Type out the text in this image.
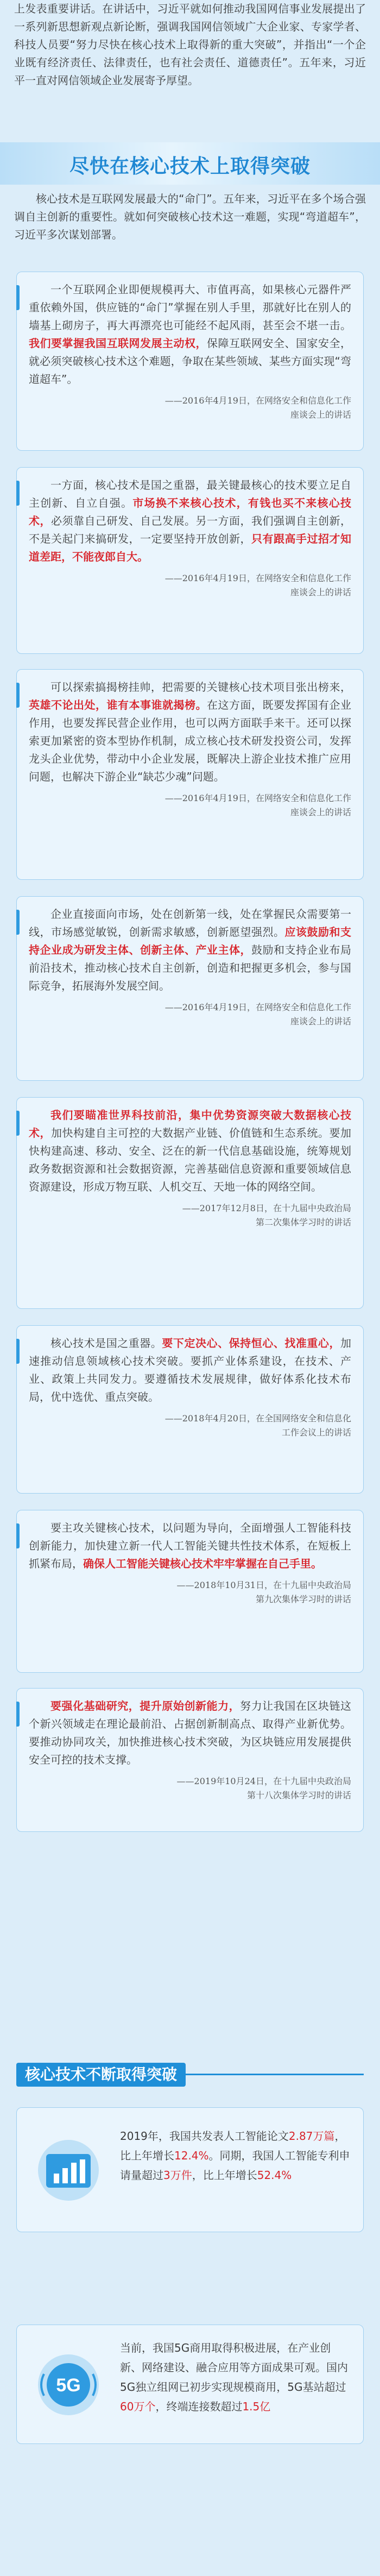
上发表重要讲话。在讲话中，习近平就如何推动我国网信事业发展提出了一系列新思想新观点新论断，强调我国网信领域广大企业家、专家学者、科技人员要“努力尽快在核心技术上取得新的重大突破”，并指出“一个企业既有经济责任、法律责任，也有社会责任、道德责任”。五年来，习近平一直对网信领域企业发展寄予厚望。

尽快在核心技术上取得突破

核心技术是互联网发展最大的“命门”。五年来，习近平在多个场合强调自主创新的重要性。就如何突破核心技术这一难题，实现“弯道超车”，习近平多次谋划部署。

一个互联网企业即便规模再大、市值再高，如果核心元器件严重依赖外国，供应链的“命门”掌握在别人手里，那就好比在别人的墙基上砌房子，再大再漂亮也可能经不起风雨，甚至会不堪一击。我们要掌握我国互联网发展主动权，保障互联网安全、国家安全，就必须突破核心技术这个难题，争取在某些领域、某些方面实现“弯道超车”。

——2016年4月19日，在网络安全和信息化工作
座谈会上的讲话

一方面，核心技术是国之重器，最关键最核心的技术要立足自主创新、自立自强。市场换不来核心技术，有钱也买不来核心技术，必须靠自己研发、自己发展。另一方面，我们强调自主创新，不是关起门来搞研发，一定要坚持开放创新，只有跟高手过招才知道差距，不能夜郎自大。

——2016年4月19日，在网络安全和信息化工作
座谈会上的讲话

可以探索搞揭榜挂帅，把需要的关键核心技术项目张出榜来，英雄不论出处，谁有本事谁就揭榜。在这方面，既要发挥国有企业作用，也要发挥民营企业作用，也可以两方面联手来干。还可以探索更加紧密的资本型协作机制，成立核心技术研发投资公司，发挥龙头企业优势，带动中小企业发展，既解决上游企业技术推广应用问题，也解决下游企业“缺芯少魂”问题。

——2016年4月19日，在网络安全和信息化工作
座谈会上的讲话

企业直接面向市场，处在创新第一线，处在掌握民众需要第一线，市场感觉敏锐，创新需求敏感，创新愿望强烈。应该鼓励和支持企业成为研发主体、创新主体、产业主体，鼓励和支持企业布局前沿技术，推动核心技术自主创新，创造和把握更多机会，参与国际竞争，拓展海外发展空间。

——2016年4月19日，在网络安全和信息化工作
座谈会上的讲话

我们要瞄准世界科技前沿，集中优势资源突破大数据核心技术，加快构建自主可控的大数据产业链、价值链和生态系统。要加快构建高速、移动、安全、泛在的新一代信息基础设施，统筹规划政务数据资源和社会数据资源，完善基础信息资源和重要领域信息资源建设，形成万物互联、人机交互、天地一体的网络空间。

——2017年12月8日，在十九届中央政治局
第二次集体学习时的讲话

核心技术是国之重器。要下定决心、保持恒心、找准重心，加速推动信息领域核心技术突破。要抓产业体系建设，在技术、产业、政策上共同发力。要遵循技术发展规律，做好体系化技术布局，优中选优、重点突破。

——2018年4月20日，在全国网络安全和信息化
工作会议上的讲话

要主攻关键核心技术，以问题为导向，全面增强人工智能科技创新能力，加快建立新一代人工智能关键共性技术体系，在短板上抓紧布局，确保人工智能关键核心技术牢牢掌握在自己手里。

——2018年10月31日，在十九届中央政治局
第九次集体学习时的讲话

要强化基础研究，提升原始创新能力，努力让我国在区块链这个新兴领域走在理论最前沿、占据创新制高点、取得产业新优势。要推动协同攻关，加快推进核心技术突破，为区块链应用发展提供安全可控的技术支撑。

——2019年10月24日，在十九届中央政治局
第十八次集体学习时的讲话
核心技术不断取得突破
2019年，我国共发表人工智能论文2.87万篇，比上年增长12.4%。同期，我国人工智能专利申请量超过3万件，比上年增长52.4%
5G
当前，我国5G商用取得积极进展，在产业创新、网络建设、融合应用等方面成果可观。国内5G独立组网已初步实现规模商用，5G基站超过60万个，终端连接数超过1.5亿
